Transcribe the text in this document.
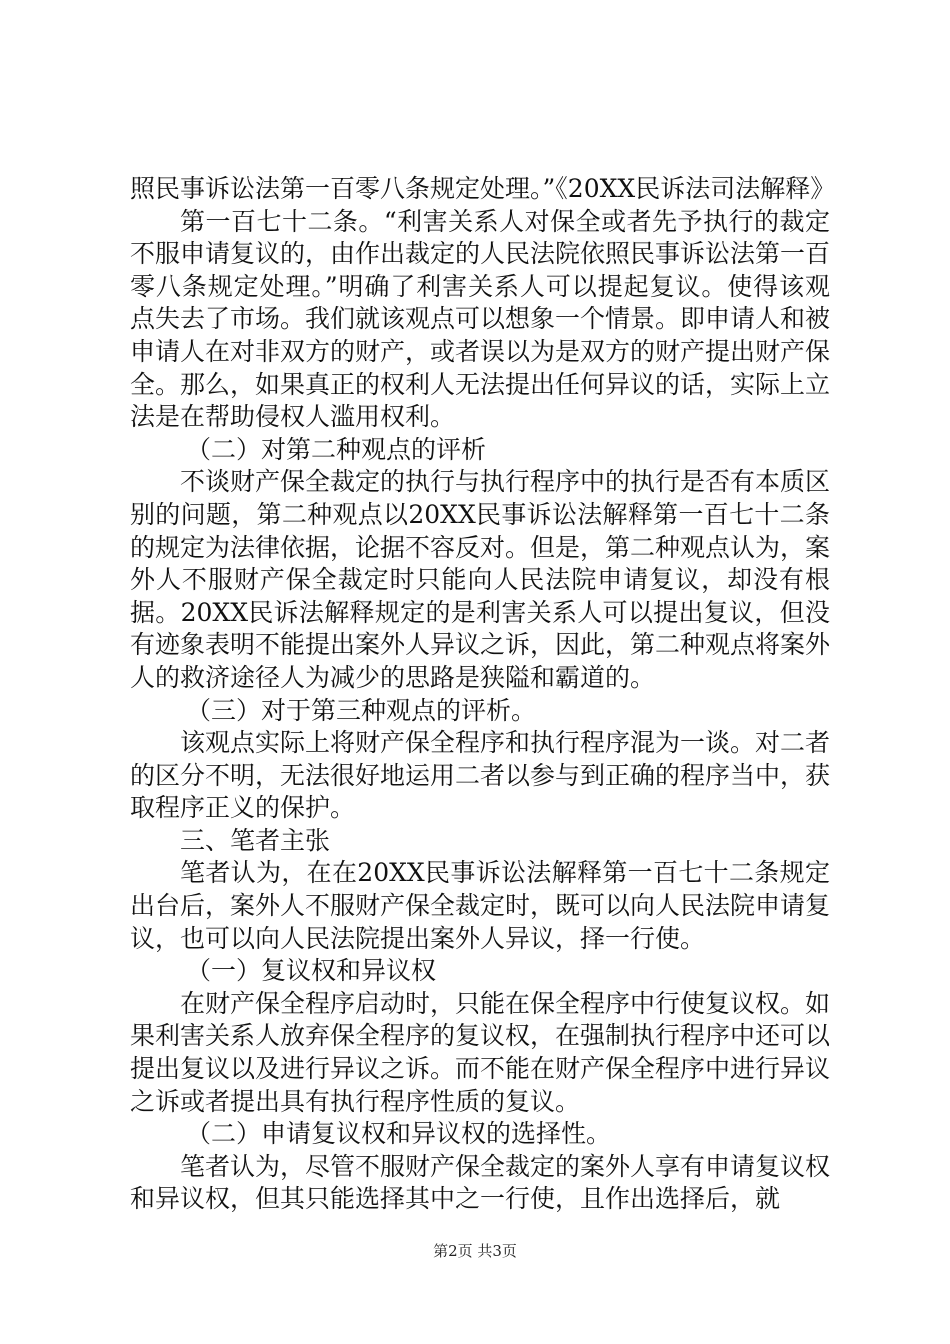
照民事诉讼法第一百零八条规定处理。”《20XX民诉法司法解释》

第一百七十二条。“利害关系人对保全或者先予执行的裁定不服申请复议的，由作出裁定的人民法院依照民事诉讼法第一百零八条规定处理。”明确了利害关系人可以提起复议。使得该观点失去了市场。我们就该观点可以想象一个情景。即申请人和被申请人在对非双方的财产，或者误以为是双方的财产提出财产保全。那么，如果真正的权利人无法提出任何异议的话，实际上立法是在帮助侵权人滥用权利。

（二）对第二种观点的评析

不谈财产保全裁定的执行与执行程序中的执行是否有本质区别的问题，第二种观点以20XX民事诉讼法解释第一百七十二条的规定为法律依据，论据不容反对。但是，第二种观点认为，案外人不服财产保全裁定时只能向人民法院申请复议，却没有根据。20XX民诉法解释规定的是利害关系人可以提出复议，但没有迹象表明不能提出案外人异议之诉，因此，第二种观点将案外人的救济途径人为减少的思路是狭隘和霸道的。

（三）对于第三种观点的评析。

该观点实际上将财产保全程序和执行程序混为一谈。对二者的区分不明，无法很好地运用二者以参与到正确的程序当中，获取程序正义的保护。

三、笔者主张

笔者认为，在在20XX民事诉讼法解释第一百七十二条规定出台后，案外人不服财产保全裁定时，既可以向人民法院申请复议，也可以向人民法院提出案外人异议，择一行使。

（一）复议权和异议权

在财产保全程序启动时，只能在保全程序中行使复议权。如果利害关系人放弃保全程序的复议权，在强制执行程序中还可以提出复议以及进行异议之诉。而不能在财产保全程序中进行异议之诉或者提出具有执行程序性质的复议。

（二）申请复议权和异议权的选择性。

笔者认为，尽管不服财产保全裁定的案外人享有申请复议权和异议权，但其只能选择其中之一行使，且作出选择后，就

第2页 共3页
